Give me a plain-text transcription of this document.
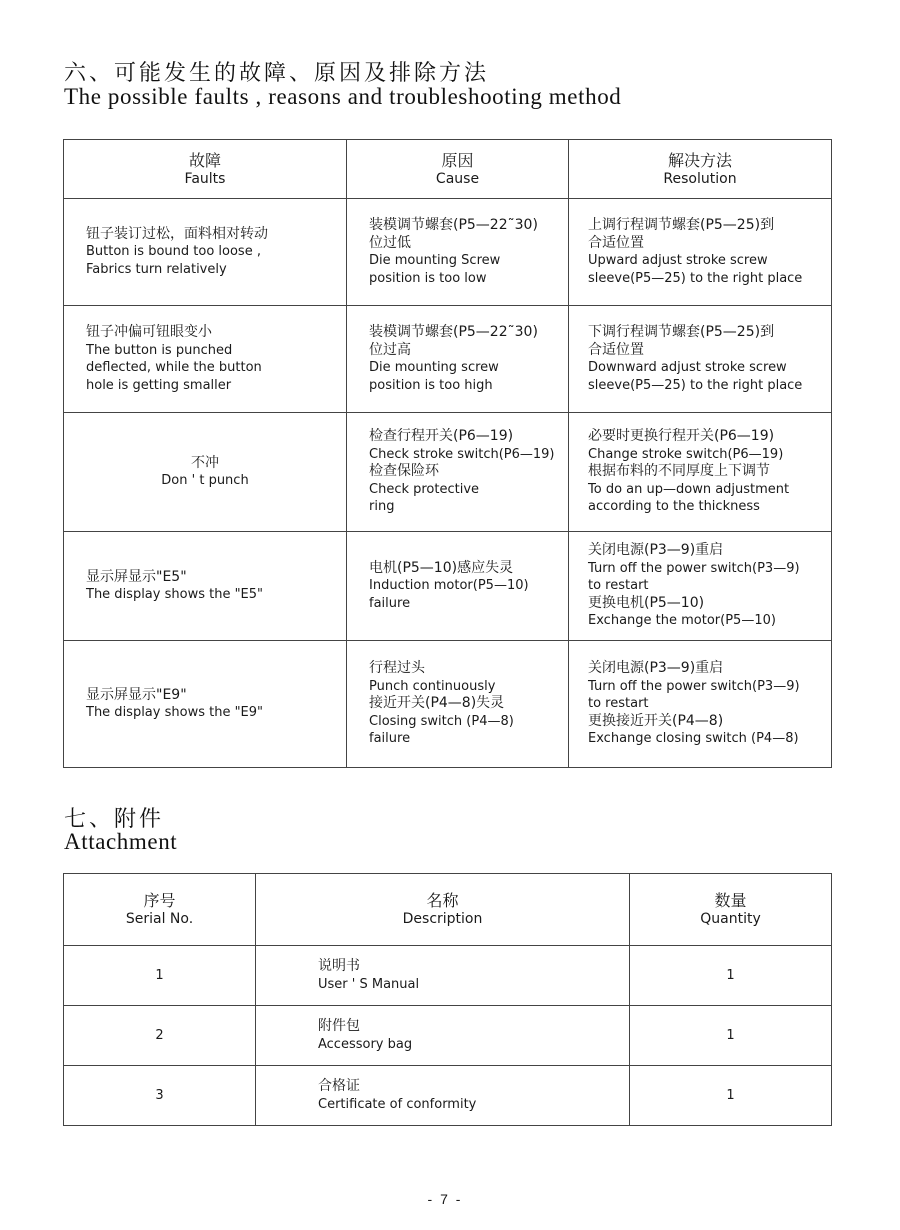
六、可能发生的故障、原因及排除方法
The possible faults , reasons and troubleshooting method
故障
Faults	原因
Cause	解决方法
Resolution

钮子装订过松，面料相对转动
Button is bound too loose ,
Fabrics turn relatively	装模调节螺套(P5—22˜30)
位过低
Die mounting Screw
position is too low	上调行程调节螺套(P5—25)到
合适位置
Upward adjust stroke screw
sleeve(P5—25) to the right place

钮子冲偏可钮眼变小
The button is punched
deflected, while the button
hole is getting smaller	装模调节螺套(P5—22˜30)
位过高
Die mounting screw
position is too high	下调行程调节螺套(P5—25)到
合适位置
Downward adjust stroke screw
sleeve(P5—25) to the right place

不冲
Don ' t punch	检查行程开关(P6—19)
Check stroke switch(P6—19)
检查保险环
Check protective
ring	必要时更换行程开关(P6—19)
Change stroke switch(P6—19)
根据布料的不同厚度上下调节
To do an up—down adjustment
according to the thickness

显示屏显示"E5"
The display shows the "E5"	电机(P5—10)感应失灵
Induction motor(P5—10)
failure	关闭电源(P3—9)重启
Turn off the power switch(P3—9)
to restart
更换电机(P5—10)
Exchange the motor(P5—10)

显示屏显示"E9"
The display shows the "E9"	行程过头
Punch continuously
接近开关(P4—8)失灵
Closing switch (P4—8)
failure	关闭电源(P3—9)重启
Turn off the power switch(P3—9)
to restart
更换接近开关(P4—8)
Exchange closing switch (P4—8)
七、附件
Attachment
序号
Serial No.	名称
Description	数量
Quantity

1	说明书
User ' S Manual	1

2	附件包
Accessory bag	1

3	合格证
Certificate of conformity	1
- 7 -
